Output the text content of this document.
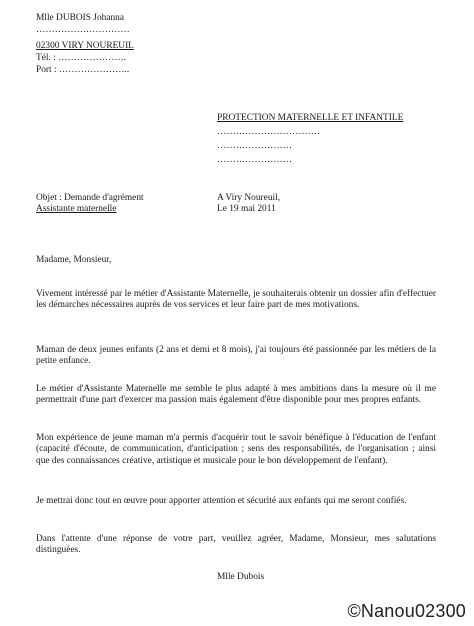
Mlle DUBOIS Johanna
…………………………
02300 VIRY NOUREUIL
Tél. : ………………….
Port : …………………..
PROTECTION MATERNELLE ET INFANTILE
……………………………
……………………
……………………
Objet : Demande d'agrément
Assistante maternelle
A Viry Noureuil,
Le 19 mai 2011
Madame, Monsieur,
Vivement intéressé par le métier d'Assistante Maternelle, je souhaiterais obtenir un dossier afin d'effectuer les démarches nécessaires auprès de vos services et leur faire part de mes motivations.
Maman de deux jeunes enfants (2 ans et demi et 8 mois), j'ai toujours été passionnée par les métiers de la petite enfance.
Le métier d'Assistante Maternelle me semble le plus adapté à mes ambitions dans la mesure où il me permettrait d'une part d'exercer ma passion mais également d'être disponible pour mes propres enfants.
Mon expérience de jeune maman m'a permis d'acquérir tout le savoir bénéfique à l'éducation de l'enfant (capacité d'écoute, de communication, d'anticipation ; sens des responsabilités, de l'organisation ; ainsi que des connaissances créative, artistique et musicale pour le bon développement de l'enfant).
Je mettrai donc tout en œuvre pour apporter attention et sécurité aux enfants qui me seront confiés.
Dans l'attente d'une réponse de votre part, veuillez agréer, Madame, Monsieur, mes salutations distinguées.
Mlle Dubois
©Nanou02300
